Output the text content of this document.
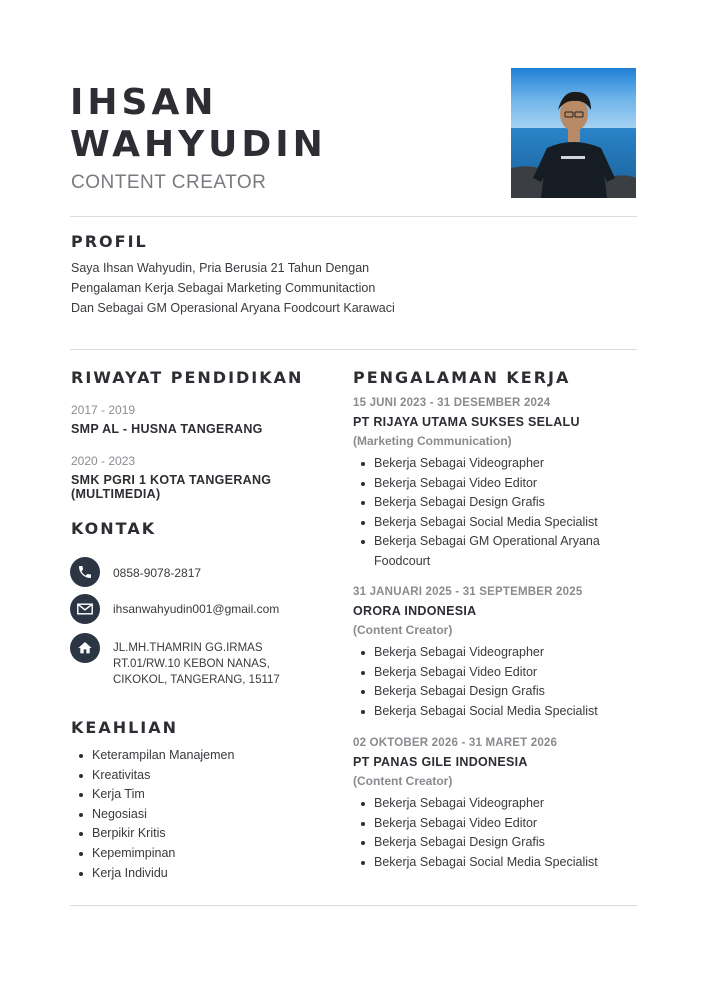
IHSAN
WAHYUDIN
CONTENT CREATOR
PROFIL
Saya Ihsan Wahyudin, Pria Berusia 21 Tahun Dengan
Pengalaman Kerja Sebagai Marketing Communitaction
Dan Sebagai GM Operasional Aryana Foodcourt Karawaci
RIWAYAT PENDIDIKAN
2017 - 2019
SMP AL - HUSNA TANGERANG
2020 - 2023
SMK PGRI 1 KOTA TANGERANG
(MULTIMEDIA)
KONTAK
0858-9078-2817
ihsanwahyudin001@gmail.com
JL.MH.THAMRIN GG.IRMAS
RT.01/RW.10 KEBON NANAS,
CIKOKOL, TANGERANG, 15117
KEAHLIAN
Keterampilan Manajemen
Kreativitas
Kerja Tim
Negosiasi
Berpikir Kritis
Kepemimpinan
Kerja Individu
PENGALAMAN KERJA
15 JUNI 2023 - 31 DESEMBER 2024
PT RIJAYA UTAMA SUKSES SELALU
(Marketing Communication)
Bekerja Sebagai Videographer
Bekerja Sebagai Video Editor
Bekerja Sebagai Design Grafis
Bekerja Sebagai Social Media Specialist
Bekerja Sebagai GM Operational Aryana Foodcourt
31 JANUARI 2025 - 31 SEPTEMBER 2025
ORORA INDONESIA
(Content Creator)
Bekerja Sebagai Videographer
Bekerja Sebagai Video Editor
Bekerja Sebagai Design Grafis
Bekerja Sebagai Social Media Specialist
02 OKTOBER 2026 - 31 MARET 2026
PT PANAS GILE INDONESIA
(Content Creator)
Bekerja Sebagai Videographer
Bekerja Sebagai Video Editor
Bekerja Sebagai Design Grafis
Bekerja Sebagai Social Media Specialist
